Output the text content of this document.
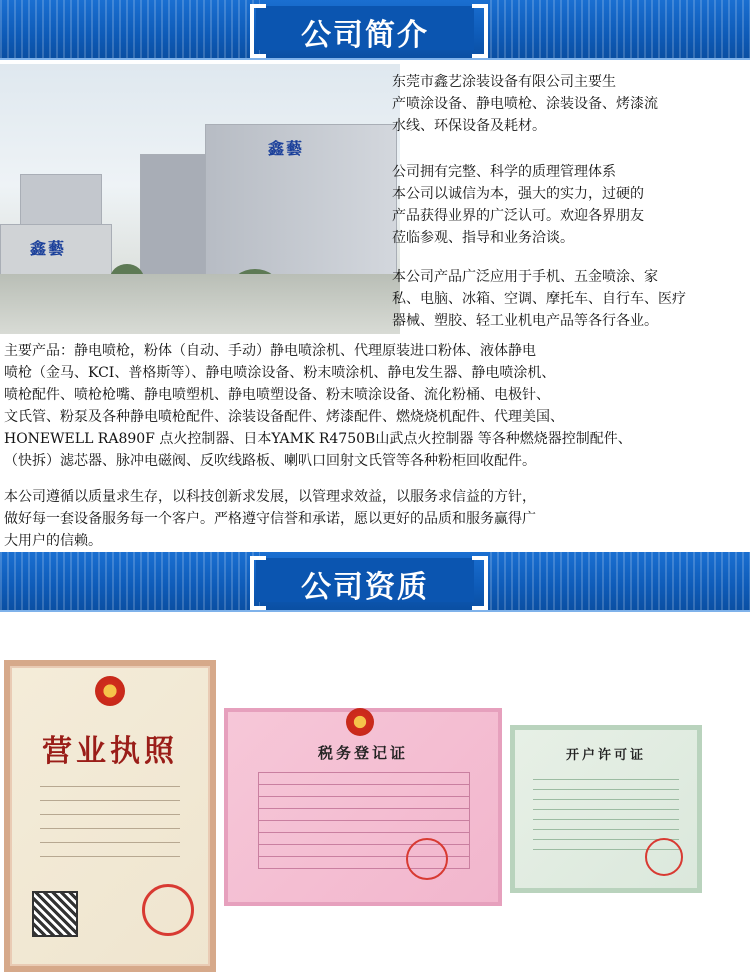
公司简介
鑫藝
鑫藝

东莞市鑫艺涂装设备有限公司主要生
产喷涂设备、静电喷枪、涂装设备、烤漆流
水线、环保设备及耗材。

公司拥有完整、科学的质理管理体系
本公司以诚信为本，强大的实力，过硬的
产品获得业界的广泛认可。欢迎各界朋友
莅临参观、指导和业务洽谈。

本公司产品广泛应用于手机、五金喷涂、家
私、电脑、冰箱、空调、摩托车、自行车、医疗
器械、塑胶、轻工业机电产品等各行各业。

主要产品：静电喷枪，粉体（自动、手动）静电喷涂机、代理原装进口粉体、液体静电
喷枪（金马、KCI、普格斯等）、静电喷涂设备、粉末喷涂机、静电发生器、静电喷涂机、
喷枪配件、喷枪枪嘴、静电喷塑机、静电喷塑设备、粉末喷涂设备、流化粉桶、电极针、
文氏管、粉泵及各种静电喷枪配件、涂装设备配件、烤漆配件、燃烧烧机配件、代理美国、
HONEWELL RA890F 点火控制器、日本YAMK R4750B山武点火控制器 等各种燃烧器控制配件、
（快拆）滤芯器、脉冲电磁阀、反吹线路板、喇叭口回射文氏管等各种粉柜回收配件。

本公司遵循以质量求生存，以科技创新求发展，以管理求效益，以服务求信益的方针，
做好每一套设备服务每一个客户。严格遵守信誉和承诺，愿以更好的品质和服务赢得广
大用户的信赖。

公司资质
营业执照	税务登记证	开户许可证
